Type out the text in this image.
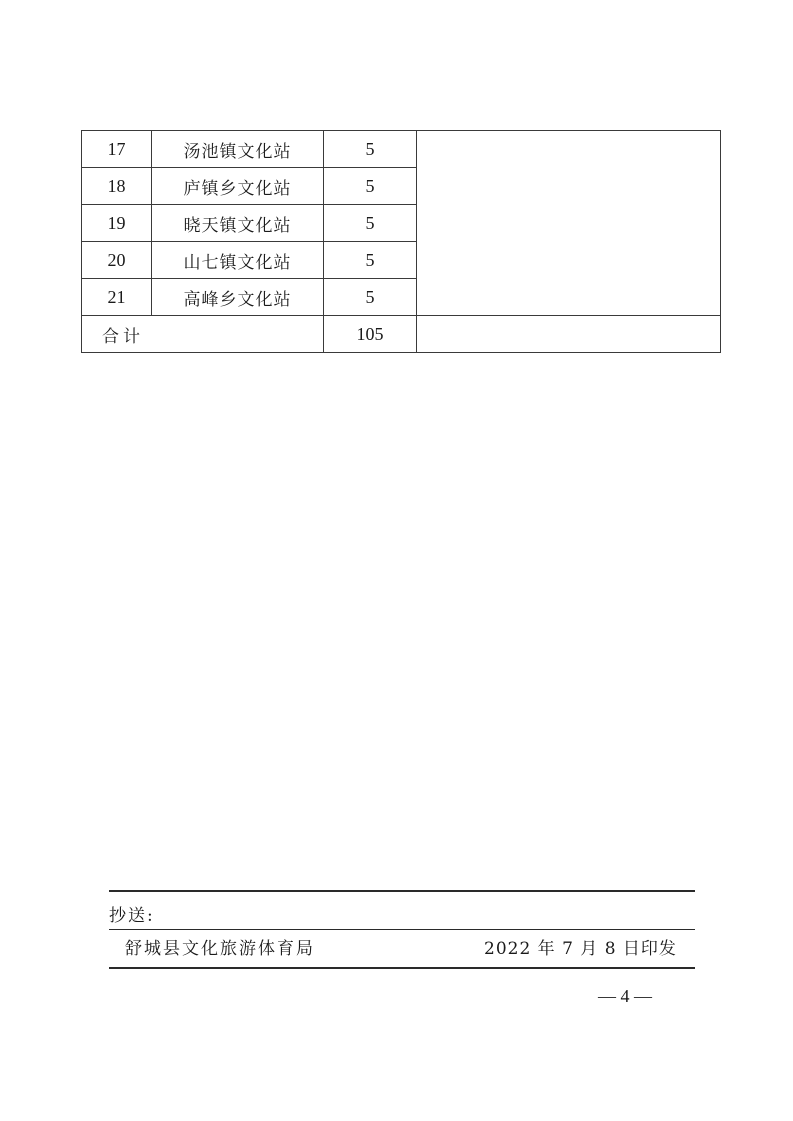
17	汤池镇文化站	5	
18	庐镇乡文化站	5	
19	晓天镇文化站	5	
20	山七镇文化站	5	
21	高峰乡文化站	5	
合计		105	
抄送:
舒城县文化旅游体育局	2022 年 7 月 8 日印发
— 4 —
